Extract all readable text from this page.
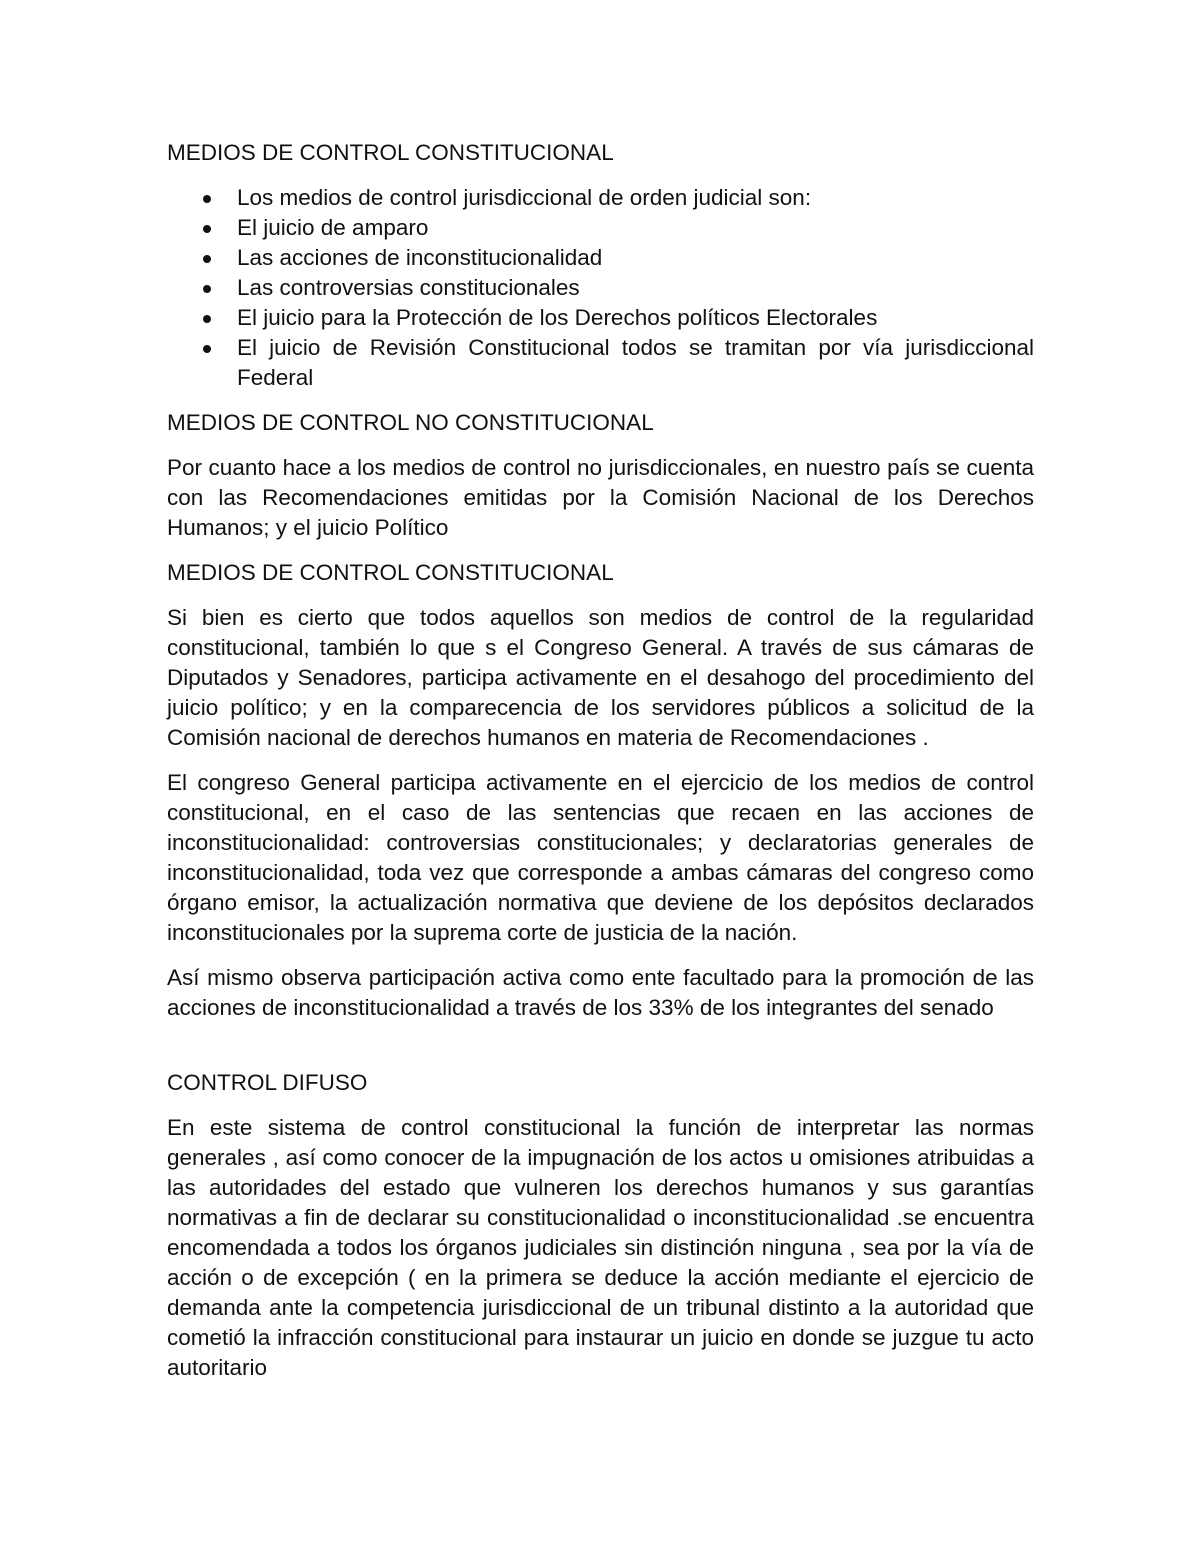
MEDIOS DE CONTROL CONSTITUCIONAL
Los medios de control jurisdiccional de orden judicial son:
El juicio de amparo
Las acciones de inconstitucionalidad
Las controversias constitucionales
El juicio para la Protección de los Derechos políticos Electorales
El juicio de Revisión Constitucional todos se tramitan por vía jurisdiccional Federal
MEDIOS DE CONTROL NO CONSTITUCIONAL

Por cuanto hace a los medios de control no jurisdiccionales, en nuestro país se cuenta con las Recomendaciones emitidas por la Comisión Nacional de los Derechos Humanos; y el juicio Político

MEDIOS DE CONTROL CONSTITUCIONAL

Si bien es cierto que todos aquellos son medios de control de la regularidad constitucional, también lo que s el Congreso General. A través de sus cámaras de Diputados y Senadores, participa activamente en el desahogo del procedimiento del juicio político; y en la comparecencia de los servidores públicos a solicitud de la Comisión nacional de derechos humanos en materia de Recomendaciones .

El congreso General participa activamente en el ejercicio de los medios de control constitucional, en el caso de las sentencias que recaen en las acciones de inconstitucionalidad: controversias constitucionales; y declaratorias generales de inconstitucionalidad, toda vez que corresponde a ambas cámaras del congreso como órgano emisor, la actualización normativa que deviene de los depósitos declarados inconstitucionales por la suprema corte de justicia de la nación.

Así mismo observa participación activa como ente facultado para la promoción de las acciones de inconstitucionalidad a través de los 33% de los integrantes del senado

CONTROL DIFUSO

En este sistema de control constitucional la función de interpretar las normas generales , así como conocer de la impugnación de los actos u omisiones atribuidas a las autoridades del estado que vulneren los derechos humanos y sus garantías normativas a fin de declarar su constitucionalidad o inconstitucionalidad .se encuentra encomendada a todos los órganos judiciales sin distinción ninguna , sea por la vía de acción o de excepción ( en la primera se deduce la acción mediante el ejercicio de demanda ante la competencia jurisdiccional de un tribunal distinto a la autoridad que cometió la infracción constitucional para instaurar un juicio en donde se juzgue tu acto autoritario
